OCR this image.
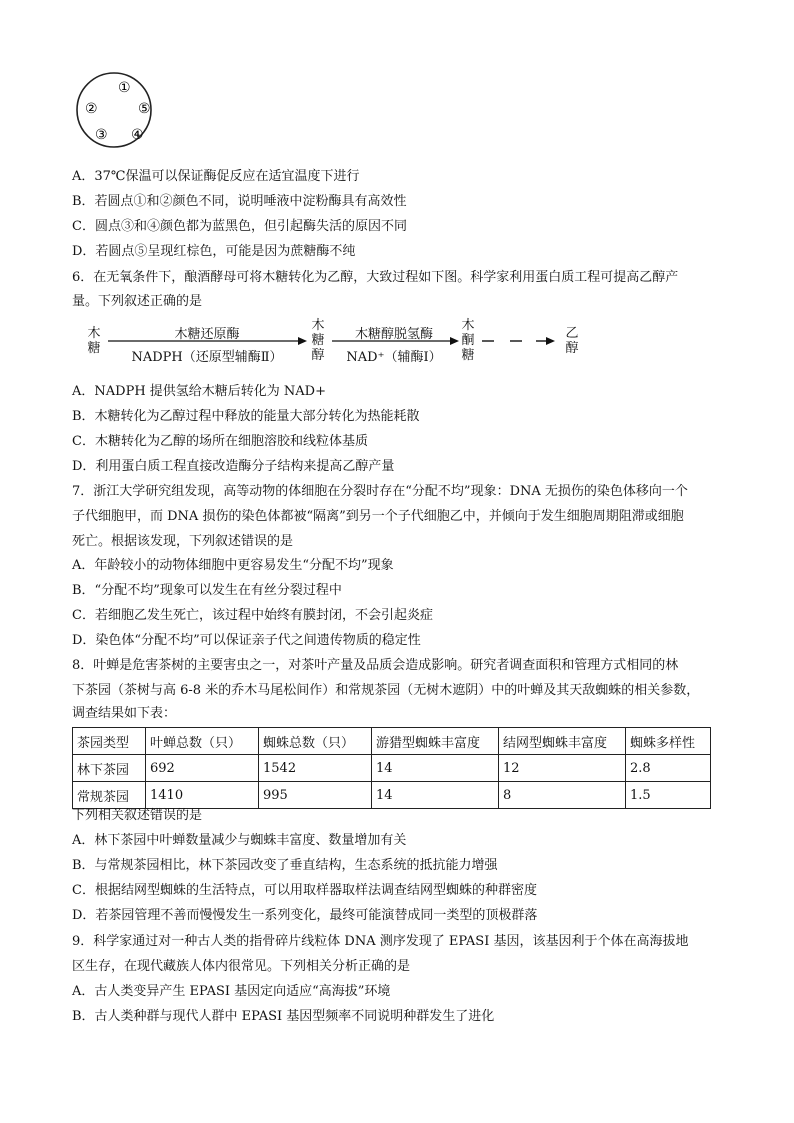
①
②	⑤
③ ④
A．37℃保温可以保证酶促反应在适宜温度下进行
B．若圆点①和②颜色不同，说明唾液中淀粉酶具有高效性
C．圆点③和④颜色都为蓝黑色，但引起酶失活的原因不同
D．若圆点⑤呈现红棕色，可能是因为蔗糖酶不纯
6．在无氧条件下，酿酒酵母可将木糖转化为乙醇，大致过程如下图。科学家利用蛋白质工程可提高乙醇产
量。下列叙述正确的是
木
糖
木糖还原酶
NADPH（还原型辅酶Ⅱ）
木
糖
醇
木糖醇脱氢酶
NAD⁺（辅酶Ⅰ）
木
酮
糖
乙
醇
A．NADPH 提供氢给木糖后转化为 NAD+
B．木糖转化为乙醇过程中释放的能量大部分转化为热能耗散
C．木糖转化为乙醇的场所在细胞溶胶和线粒体基质
D．利用蛋白质工程直接改造酶分子结构来提高乙醇产量
7．浙江大学研究组发现，高等动物的体细胞在分裂时存在“分配不均”现象：DNA 无损伤的染色体移向一个
子代细胞甲，而 DNA 损伤的染色体都被“隔离”到另一个子代细胞乙中，并倾向于发生细胞周期阻滞或细胞
死亡。根据该发现，下列叙述错误的是
A．年龄较小的动物体细胞中更容易发生“分配不均”现象
B．“分配不均”现象可以发生在有丝分裂过程中
C．若细胞乙发生死亡，该过程中始终有膜封闭，不会引起炎症
D．染色体“分配不均”可以保证亲子代之间遗传物质的稳定性
8．叶蝉是危害茶树的主要害虫之一，对茶叶产量及品质会造成影响。研究者调查面积和管理方式相同的林
下茶园（茶树与高 6-8 米的乔木马尾松间作）和常规茶园（无树木遮阴）中的叶蝉及其天敌蜘蛛的相关参数，
调查结果如下表：
茶园类型	叶蝉总数（只）	蜘蛛总数（只）	游猎型蜘蛛丰富度	结网型蜘蛛丰富度	蜘蛛多样性
林下茶园	692	1542	14	12	2.8
常规茶园	1410	995	14	8	1.5
下列相关叙述错误的是
A．林下茶园中叶蝉数量减少与蜘蛛丰富度、数量增加有关
B．与常规茶园相比，林下茶园改变了垂直结构，生态系统的抵抗能力增强
C．根据结网型蜘蛛的生活特点，可以用取样器取样法调查结网型蜘蛛的种群密度
D．若茶园管理不善而慢慢发生一系列变化，最终可能演替成同一类型的顶极群落
9．科学家通过对一种古人类的指骨碎片线粒体 DNA 测序发现了 EPASI 基因，该基因利于个体在高海拔地
区生存，在现代藏族人体内很常见。下列相关分析正确的是
A．古人类变异产生 EPASI 基因定向适应“高海拔”环境
B．古人类种群与现代人群中 EPASI 基因型频率不同说明种群发生了进化
